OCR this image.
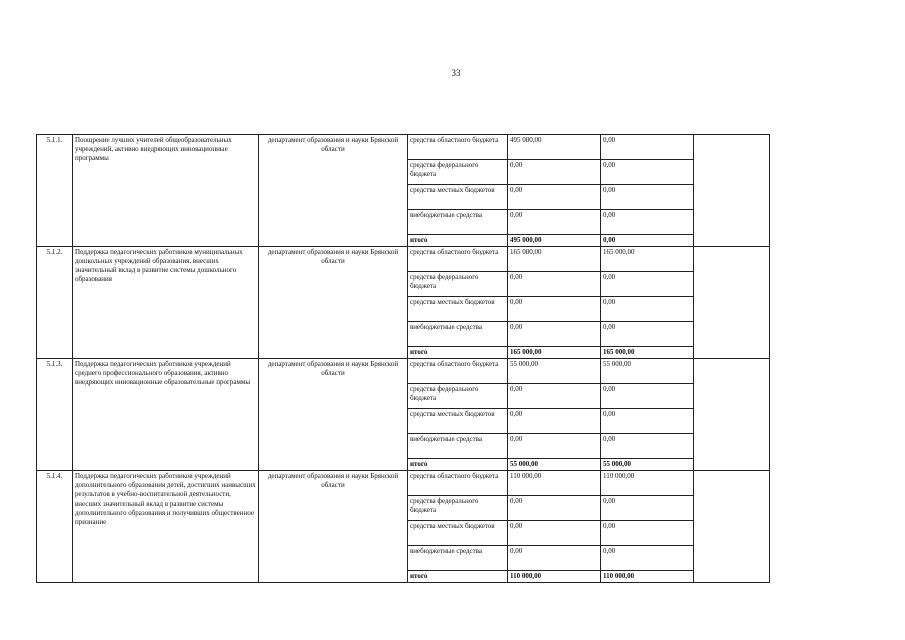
33
5.1.1.	Поощрение лучших учителей общеобразовательных учреждений, активно внедряющих инновационные программы	департамент образования и науки Брянской области	средства областного бюджета	495 000,00	0,00	
			средства федерального бюджета	0,00	0,00	
			средства местных бюджетов	0,00	0,00	
			внебюджетные средства	0,00	0,00	
			итого	495 000,00	0,00	
5.1.2.	Поддержка педагогических работников муниципальных дошкольных учреждений образования, внесших значительный вклад в развитие системы дошкольного образования	департамент образования и науки Брянской области	средства областного бюджета	165 000,00	165 000,00	
			средства федерального бюджета	0,00	0,00	
			средства местных бюджетов	0,00	0,00	
			внебюджетные средства	0,00	0,00	
			итого	165 000,00	165 000,00	
5.1.3.	Поддержка педагогических работников учреждений среднего профессионального образования, активно внедряющих инновационные образовательные программы	департамент образования и науки Брянской области	средства областного бюджета	55 000,00	55 000,00	
			средства федерального бюджета	0,00	0,00	
			средства местных бюджетов	0,00	0,00	
			внебюджетные средства	0,00	0,00	
			итого	55 000,00	55 000,00	
5.1.4.	Поддержка педагогических работников учреждений дополнительного образования детей, достигших наивысших результатов в учебно-воспитательной деятельности, внесших значительный вклад в развитие системы дополнительного образования и получивших общественное признание	департамент образования и науки Брянской области	средства областного бюджета	110 000,00	110 000,00	
			средства федерального бюджета	0,00	0,00	
			средства местных бюджетов	0,00	0,00	
			внебюджетные средства	0,00	0,00	
			итого	110 000,00	110 000,00	
